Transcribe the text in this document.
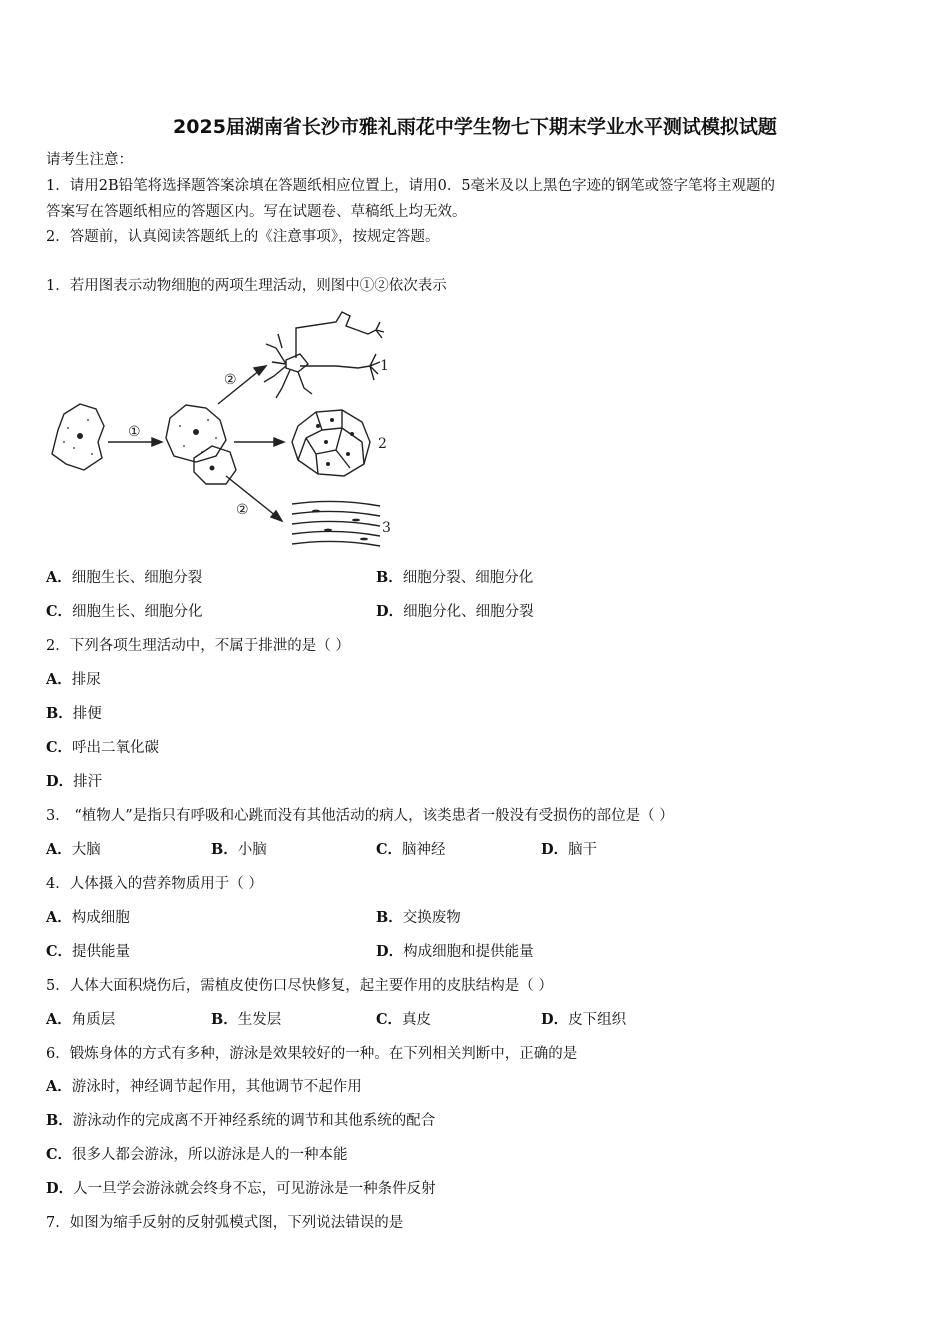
2025届湖南省长沙市雅礼雨花中学生物七下期末学业水平测试模拟试题
请考生注意：
1．请用2B铅笔将选择题答案涂填在答题纸相应位置上，请用0．5毫米及以上黑色字迹的钢笔或签字笔将主观题的
答案写在答题纸相应的答题区内。写在试题卷、草稿纸上均无效。
2．答题前，认真阅读答题纸上的《注意事项》，按规定答题。
1．若用图表示动物细胞的两项生理活动，则图中①②依次表示
①
②
②
1
2
3
A．细胞生长、细胞分裂	B．细胞分裂、细胞分化
C．细胞生长、细胞分化	D．细胞分化、细胞分裂
2．下列各项生理活动中，不属于排泄的是（ ）
A．排尿
B．排便
C．呼出二氧化碳
D．排汗
3． “植物人”是指只有呼吸和心跳而没有其他活动的病人，该类患者一般没有受损伤的部位是（ ）
A．大脑	B．小脑	C．脑神经	D．脑干
4．人体摄入的营养物质用于（ ）
A．构成细胞	B．交换废物
C．提供能量	D．构成细胞和提供能量
5．人体大面积烧伤后，需植皮使伤口尽快修复，起主要作用的皮肤结构是（ ）
A．角质层	B．生发层	C．真皮	D．皮下组织
6．锻炼身体的方式有多种，游泳是效果较好的一种。在下列相关判断中，正确的是
A．游泳时，神经调节起作用，其他调节不起作用
B．游泳动作的完成离不开神经系统的调节和其他系统的配合
C．很多人都会游泳，所以游泳是人的一种本能
D．人一旦学会游泳就会终身不忘，可见游泳是一种条件反射
7．如图为缩手反射的反射弧模式图，下列说法错误的是
